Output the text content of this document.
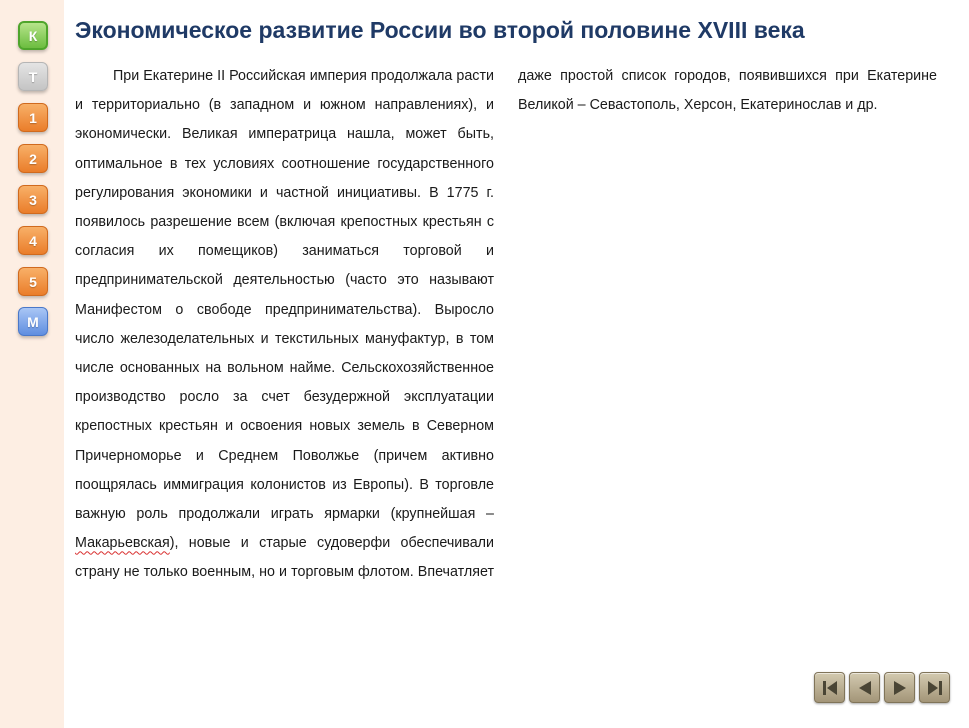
К
Т
1
2
3
4
5
М
Экономическое развитие России во второй половине XVIII века

При Екатерине II Российская империя продолжала расти и территориально (в западном и южном направлениях), и экономически. Великая императрица нашла, может быть, оптимальное в тех условиях соотношение государственного регулирования экономики и частной инициативы. В 1775 г. появилось разрешение всем (включая крепостных крестьян с согласия их помещиков) заниматься торговой и предпринимательской деятельностью (часто это называют Манифестом о свободе предпринимательства). Выросло число железоделательных и текстильных мануфактур, в том числе основанных на вольном найме. Сельскохозяйственное производство росло за счет безудержной эксплуатации крепостных крестьян и освоения новых земель в Северном Причерноморье и Среднем Поволжье (причем активно поощрялась иммиграция колонистов из Европы). В торговле важную роль продолжали играть ярмарки (крупнейшая – Макарьевская), новые и старые судоверфи обеспечивали страну не только военным, но и торговым флотом. Впечатляет даже простой список городов, появившихся при Екатерине Великой – Севастополь, Херсон, Екатеринослав и др.
